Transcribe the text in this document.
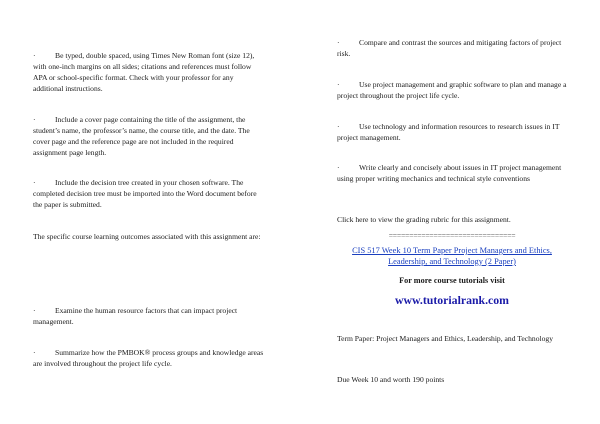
·	Be typed, double spaced, using Times New Roman font (size 12), with one-inch margins on all sides; citations and references must follow APA or school-specific format. Check with your professor for any additional instructions.

·	Include a cover page containing the title of the assignment, the student’s name, the professor’s name, the course title, and the date. The cover page and the reference page are not included in the required assignment page length.

·	Include the decision tree created in your chosen software. The completed decision tree must be imported into the Word document before the paper is submitted.

The specific course learning outcomes associated with this assignment are:

·	Examine the human resource factors that can impact project management.

·	Summarize how the PMBOK® process groups and knowledge areas are involved throughout the project life cycle.

·	Compare and contrast the sources and mitigating factors of project risk.

·	Use project management and graphic software to plan and manage a project throughout the project life cycle.

·	Use technology and information resources to research issues in IT project management.

·	Write clearly and concisely about issues in IT project management using proper writing mechanics and technical style conventions

Click here to view the grading rubric for this assignment.

===============================

CIS 517 Week 10 Term Paper Project Managers and Ethics, Leadership, and Technology (2 Paper)

For more course tutorials visit

www.tutorialrank.com

Term Paper: Project Managers and Ethics, Leadership, and Technology

Due Week 10 and worth 190 points
